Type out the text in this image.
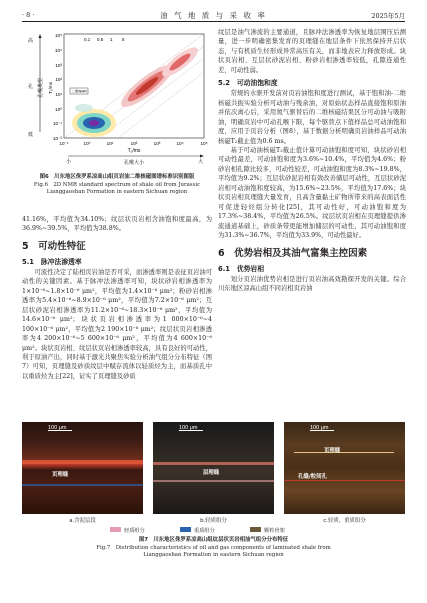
· 8 ·	油 气 地 质 与 采 收 率	2025年5月
0.1 0.5 1 5
二维NMR
10⁵
10⁴
10³
10²
10¹
10⁰
10⁻¹
10⁻²
10⁻¹	10⁰	10¹	10²	10³	10⁴	10⁵
T₁/ms
小	孔喉大小	大
T₂/ms
孔喉类型
高
孔
低
图6　川东地区侏罗系凉高山组页岩油二维核磁图谱标准识别图版
Fig.6　2D NMR standard spectrum of shale oil from Jurassic
Lianggaoshan Formation in eastern Sichuan region

41.16%，平均值为34.10%；纹层状页岩相含油饱和度最高，为36.9%~39.5%，平均值为38.8%。

5　可动性特征
5.1　脉冲法渗透率

可流性决定了陆相页岩油是否可采，而渗透率则是表征页岩油可动性的关键因素。基于脉冲法渗透率可知，块状砂岩相渗透率为1×10⁻⁶~1.8×10⁻⁶ μm²，平均值为1.4×10⁻⁶ μm²；粉砂岩相渗透率为5.4×10⁻⁶~8.9×10⁻⁶ μm²，平均值为7.2×10⁻⁶ μm²；互层状砂泥岩相渗透率为11.2×10⁻⁶~18.3×10⁻⁶ μm²，平均值为14.6×10⁻⁶ μm²；块状页岩相渗透率为1 000×10⁻⁶~4 100×10⁻⁶ μm²，平均值为2 190×10⁻⁶ μm²；纹层状页岩相渗透率为4 200×10⁻⁶~5 600×10⁻⁶ μm²，平均值为4 600×10⁻⁶ μm²。块状页岩相、纹层状页岩相渗透率较高，具有良好的可动性，利于原油产出，同时基于激光共聚焦实验分析油气组分分布特征（图7）可知，页理缝及砂质纹层中赋存流体以轻质烃为主，而基质孔中以重质烃为主[22]，证实了页理缝及砂质

纹层是油气渗流的主要通道，且脉冲法渗透率为恢复地层围压后测量，进一步明确密集发育的页理缝在地层条件下依然保持开启状态，与有机质生烃形成异常高压有关，而非地表应力释放形成。块状页岩相、互层状砂泥岩相、粉砂岩相渗透率较低，孔隙连通性差，可动性弱。

5.2　可动油饱和度

常规的水驱开发前对页岩油饱和度进行测试，基于饱和油-二维核磁共振实验分析可动油与残余油，对原始状态样品直接饱和原油并依次离心后，采用氮气驱替后的二维核磁结果区分可动油与吸附油，明确页岩中可动孔喉下限，每个驱替点下值样品总可动油饱和度，应用于页岩分析（图8），基于数据分析明确页岩油样品可动油核磁T₂截止值为0.6 ms。

基于可动油核磁T₂截止值计算可动油饱和度可知，块状砂岩相可动性最差，可动油饱和度为3.6%~10.4%，平均值为4.6%；粉砂岩相孔隙比较多，可动性较差，可动油饱和度为8.3%~19.8%，平均值为9.2%；互层状砂泥岩相有效改善储层可动性，互层状砂泥岩相可动油饱和度较高，为15.6%~23.5%，平均值为17.6%；块状页岩相页理缝大量发育，且高含量黏土矿物所带来的高表面活性可促进轻烃组分转化[25]，其可动性好，可动油饱和度为17.3%~38.4%，平均值为26.5%。纹层状页岩相在页理缝提供渗流通道基础上，砂质条带更能增加储层的可动性，其可动油饱和度为31.3%~36.7%，平均值为33.9%，可动性最好。

6　优势岩相及其油气富集主控因素
6.1　优势岩相

划分页岩油优势岩相是进行页岩油高效勘探开发的关键。综合川东地区凉高山组不同岩相页岩油

100 μm
页理缝
100 μm
层理缝
100 μm
页理缝
孔缝/粒间孔
a.含泥层段	b.轻质组分	c.轻质、重质组分
轻质组分	重质组分	颗粒骨架
图7　川东地区侏罗系凉高山组纹层状页岩相油气组分分布特征
Fig.7　Distribution characteristics of oil and gas components of laminated shale from
Lianggaoshan Formation in eastern Sichuan region
